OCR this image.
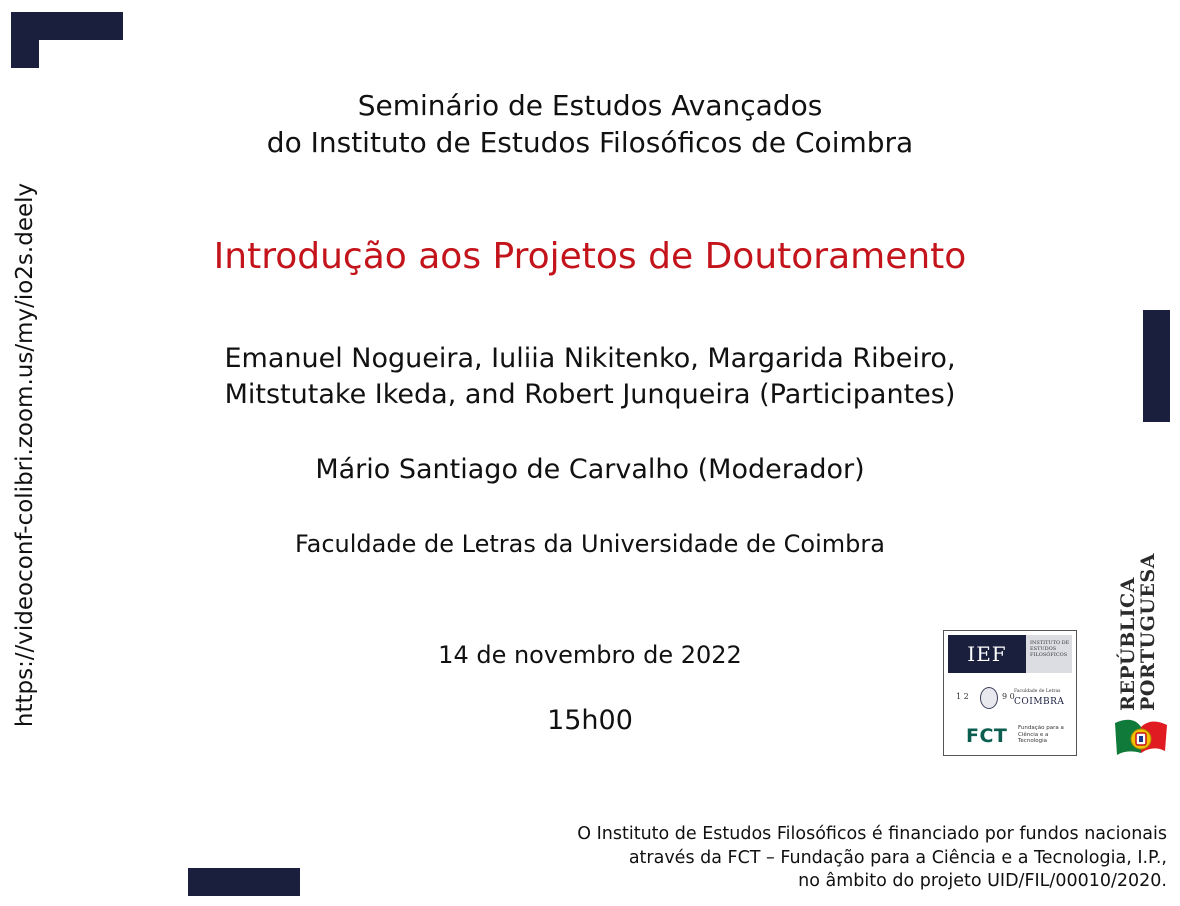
https://videoconf-colibri.zoom.us/my/io2s.deely
Seminário de Estudos Avançados
do Instituto de Estudos Filosóficos de Coimbra
Introdução aos Projetos de Doutoramento
Emanuel Nogueira, Iuliia Nikitenko, Margarida Ribeiro,
Mitstutake Ikeda, and Robert Junqueira (Participantes)
Mário Santiago de Carvalho (Moderador)
Faculdade de Letras da Universidade de Coimbra
14 de novembro de 2022
15h00
IEF	INSTITUTO DE ESTUDOS FILOSÓFICOS
1 2	9 0
Faculdade de Letras
COIMBRA
FCT Fundação para a Ciência e a Tecnologia
REPÚBLICA
PORTUGUESA
O Instituto de Estudos Filosóficos é financiado por fundos nacionais
através da FCT – Fundação para a Ciência e a Tecnologia, I.P.,
no âmbito do projeto UID/FIL/00010/2020.
